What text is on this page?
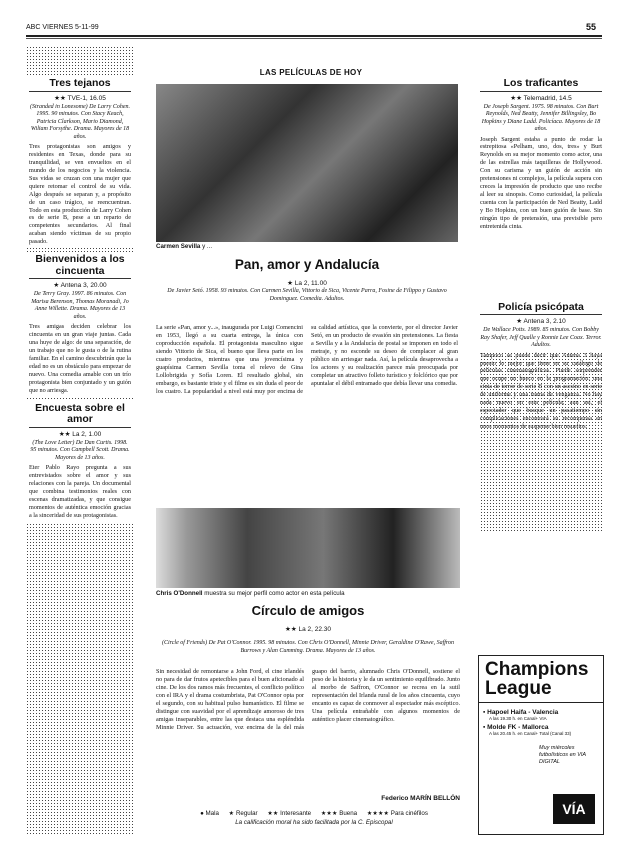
ABC VIERNES 5-11-99	55
Tres tejanos
★★ TVE-1, 16.05
(Stranded in Lonesome) De Larry Cohen. 1995. 90 minutos. Con Stacy Keach, Patricia Clarkson, Mario Diamond, Wiliam Forsythe. Drama. Mayores de 18 años.
Tres protagonistas son amigos y residentes en Texas, donde para su tranquilidad, se ven envueltos en el mundo de los negocios y la violencia. Sus vidas se cruzan con una mujer que quiere retomar el control de su vida. Algo después se separan y, a propósito de un caso trágico, se reencuentran. Todo en esta producción de Larry Cohen es de serie B, pese a un reparto de competentes secundarios. Al final acaban siendo víctimas de su propio pasado.
Bienvenidos a los cincuenta
★ Antena 3, 20.00
De Terry Gray. 1997. 86 minutos. Con Marisa Berenson, Thomas Moranadi, Jo Anne Willette. Drama. Mayores de 13 años.
Tres amigas deciden celebrar los cincuenta en un gran viaje juntas. Cada una huye de algo: de una separación, de un trabajo que no le gusta o de la rutina familiar. En el camino descubrirán que la edad no es un obstáculo para empezar de nuevo. Una comedia amable con un trío protagonista bien conjuntado y un guión que no arriesga.
Encuesta sobre el amor
★★ La 2, 1.00
(The Love Letter) De Dan Curtis. 1998. 95 minutos. Con Campbell Scott. Drama. Mayores de 13 años.
Eter Pablo Rayo pregunta a sus entrevistados sobre el amor y sus relaciones con la pareja. Un documental que combina testimonios reales con escenas dramatizadas, y que consigue momentos de auténtica emoción gracias a la sinceridad de sus protagonistas.
LAS PELÍCULAS DE HOY
Carmen Sevilla y ...
Pan, amor y Andalucía
★ La 2, 11.00
De Javier Setó. 1958. 93 minutos. Con Carmen Sevilla, Vittorio de Sica, Vicente Parra, Fosine de Filippo y Gustavo Dominguez. Comedia. Adultos.
La serie «Pan, amor y...», inaugurada por Luigi Comencini en 1953, llegó a su cuarta entrega, la única con coproducción española. El protagonista masculino sigue siendo Vittorio de Sica, el bueno que lleva parte en los cuatro productos, mientras que una jovencísima y guapísima Carmen Sevilla toma el relevo de Gina Lollobrigida y Sofía Loren. El resultado global, sin embargo, es bastante triste y el filme es sin duda el peor de los cuatro. La popularidad a nivel está muy por encima de su calidad artística, que la convierte, por el director Javier Setó, en un producto de evasión sin pretensiones. La fiesta a Sevilla y a la Andalucía de postal se imponen en todo el metraje, y no esconde su deseo de complacer al gran público sin arriesgar nada. Así, la película desaprovecha a los actores y su realización parece más preocupada por completar un atractivo folleto turístico y folclórico que por apuntalar el débil entramado que debía llevar una comedia.
Chris O'Donnell muestra su mejor perfil como actor en esta película
Círculo de amigos
★★ La 2, 22.30
(Circle of Friends) De Pat O'Connor. 1995. 98 minutos. Con Chris O'Donnell, Minnie Driver, Geraldine O'Rawe, Saffron Burrows y Alan Cumming. Drama. Mayores de 13 años.
Sin necesidad de remontarse a John Ford, el cine irlandés no para de dar frutos apetecibles para el buen aficionado al cine. De los dos ramos más frecuentes, el conflicto político con el IRA y el drama costumbrista, Pat O'Connor opta por el segundo, con su habitual pulso humanístico. El filme se distingue con suavidad por el aprendizaje amoroso de tres amigas inseparables, entre las que destaca una espléndida Minnie Driver. Su actuación, voz encima de la del más guapo del barrio, alumnado Chris O'Donnell, sostiene el peso de la historia y le da un sentimiento equilibrado. Junto al morbo de Saffron, O'Connor se recrea en la sutil representación del Irlanda rural de los años cincuenta, cuyo encanto es capaz de conmover al espectador más escéptico. Una película entrañable con algunos momentos de auténtico placer cinematográfico.
Federico MARÍN BELLÓN
● Mala ★ Regular ★★ Interesante ★★★ Buena ★★★★ Para cinéfilos
La calificación moral ha sido facilitada por la C. Episcopal
Los traficantes
★★ Telemadrid, 14.5
De Joseph Sargent. 1975. 98 minutos. Con Burt Reynolds, Ned Beatty, Jennifer Billingsley, Bo Hopkins y Diane Ladd. Policíaca. Mayores de 18 años.
Joseph Sargent estaba a punto de rodar la estrepitosa «Pelham, uno, dos, tres» y Burt Reynolds en su mejor momento como actor, una de las estrellas más taquilleras de Hollywood. Con su carisma y un guión de acción sin pretensiones ni complejos, la película supera con creces la impresión de producto que uno recibe al leer su sinopsis. Como curiosidad, la película cuenta con la participación de Ned Beatty, Ladd y Bo Hopkins, con un buen guión de base. Sin ningún tipo de pretensión, una previsible pero entretenida cinta.
Policía psicópata
★ Antena 3, 2.10
De Wallace Potts. 1989. 85 minutos. Con Bobby Ray Shafer, Jeff Qualle y Ronnie Lee Coax. Terror. Adultos.
Tampoco se puede decir que Antena 3 haya puesto lo mejor que tiene en su catálogo de películas cinematográficas. Puede sorprender que ocupe un hueco en la programación: una cinta de terror de serie B con un asesino en serie de uniforme y una trama de venganza. No hay nada nuevo en esta película; aun así, el espectador que busque un pasatiempo sin complicaciones encontrará su recompensa en unos momentos de suspense bien resueltos.
Champions
League
▪ Hapoel Haifa - Valencia
A las 19.30 h. en Canal+ VIA
▪ Molde FK - Mallorca
A las 20.45 h. en Canal+ Total (Canal 33)
Muy miércoles futbolísticos en VIA DIGITAL
VÍA
